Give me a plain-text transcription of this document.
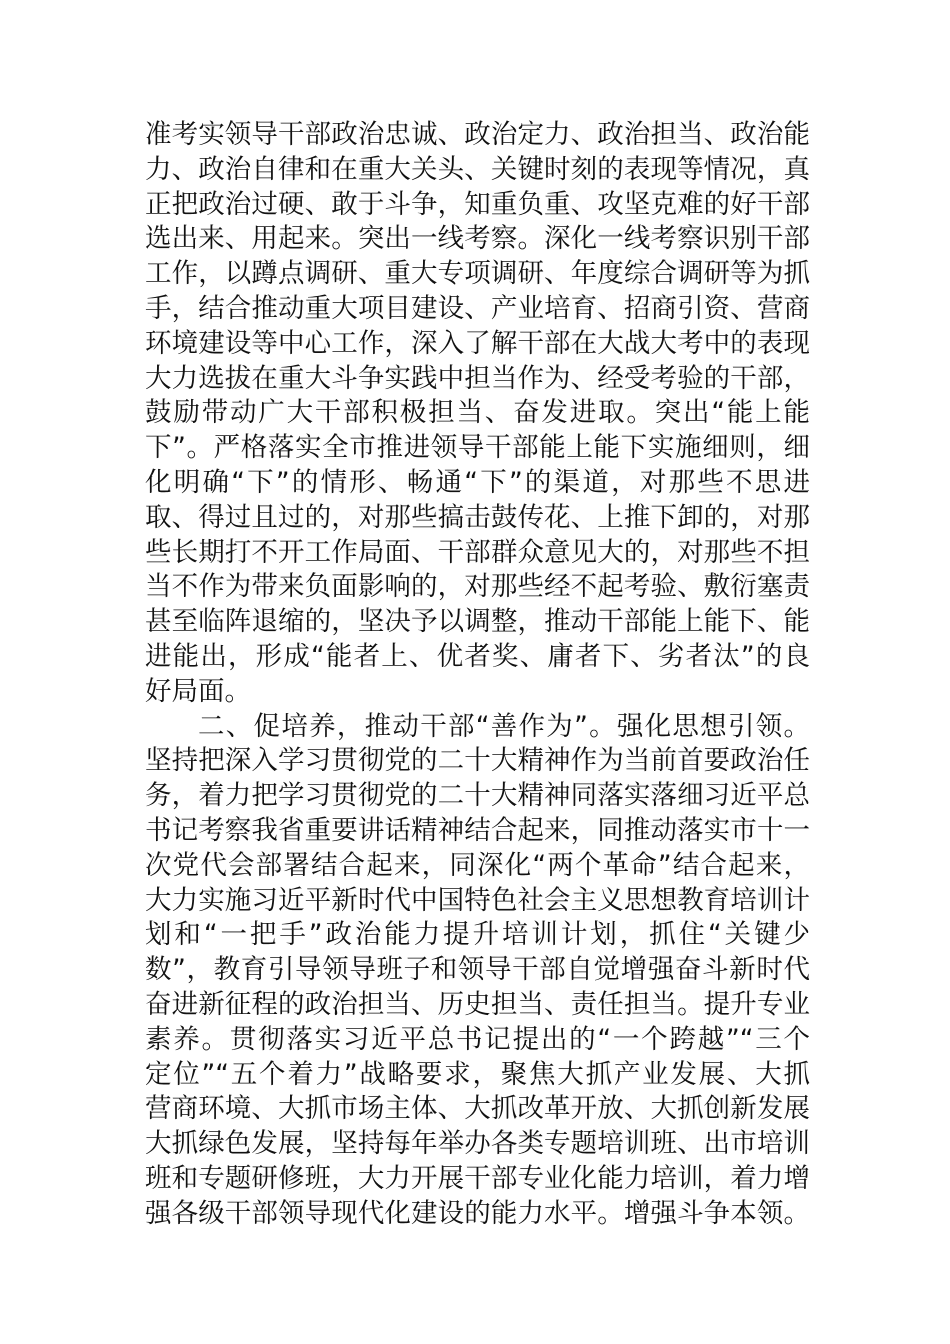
准考实领导干部政治忠诚、政治定力、政治担当、政治能
力、政治自律和在重大关头、关键时刻的表现等情况，真
正把政治过硬、敢于斗争，知重负重、攻坚克难的好干部
选出来、用起来。突出一线考察。深化一线考察识别干部
工作，以蹲点调研、重大专项调研、年度综合调研等为抓
手，结合推动重大项目建设、产业培育、招商引资、营商
环境建设等中心工作，深入了解干部在大战大考中的表现
大力选拔在重大斗争实践中担当作为、经受考验的干部，
鼓励带动广大干部积极担当、奋发进取。突出“能上能
下”。严格落实全市推进领导干部能上能下实施细则，细
化明确“下”的情形、畅通“下”的渠道，对那些不思进
取、得过且过的，对那些搞击鼓传花、上推下卸的，对那
些长期打不开工作局面、干部群众意见大的，对那些不担
当不作为带来负面影响的，对那些经不起考验、敷衍塞责
甚至临阵退缩的，坚决予以调整，推动干部能上能下、能
进能出，形成“能者上、优者奖、庸者下、劣者汰”的良
好局面。
二、促培养，推动干部“善作为”。强化思想引领。
坚持把深入学习贯彻党的二十大精神作为当前首要政治任
务，着力把学习贯彻党的二十大精神同落实落细习近平总
书记考察我省重要讲话精神结合起来，同推动落实市十一
次党代会部署结合起来，同深化“两个革命”结合起来，
大力实施习近平新时代中国特色社会主义思想教育培训计
划和“一把手”政治能力提升培训计划，抓住“关键少
数”，教育引导领导班子和领导干部自觉增强奋斗新时代
奋进新征程的政治担当、历史担当、责任担当。提升专业
素养。贯彻落实习近平总书记提出的“一个跨越”“三个
定位”“五个着力”战略要求，聚焦大抓产业发展、大抓
营商环境、大抓市场主体、大抓改革开放、大抓创新发展
大抓绿色发展，坚持每年举办各类专题培训班、出市培训
班和专题研修班，大力开展干部专业化能力培训，着力增
强各级干部领导现代化建设的能力水平。增强斗争本领。
